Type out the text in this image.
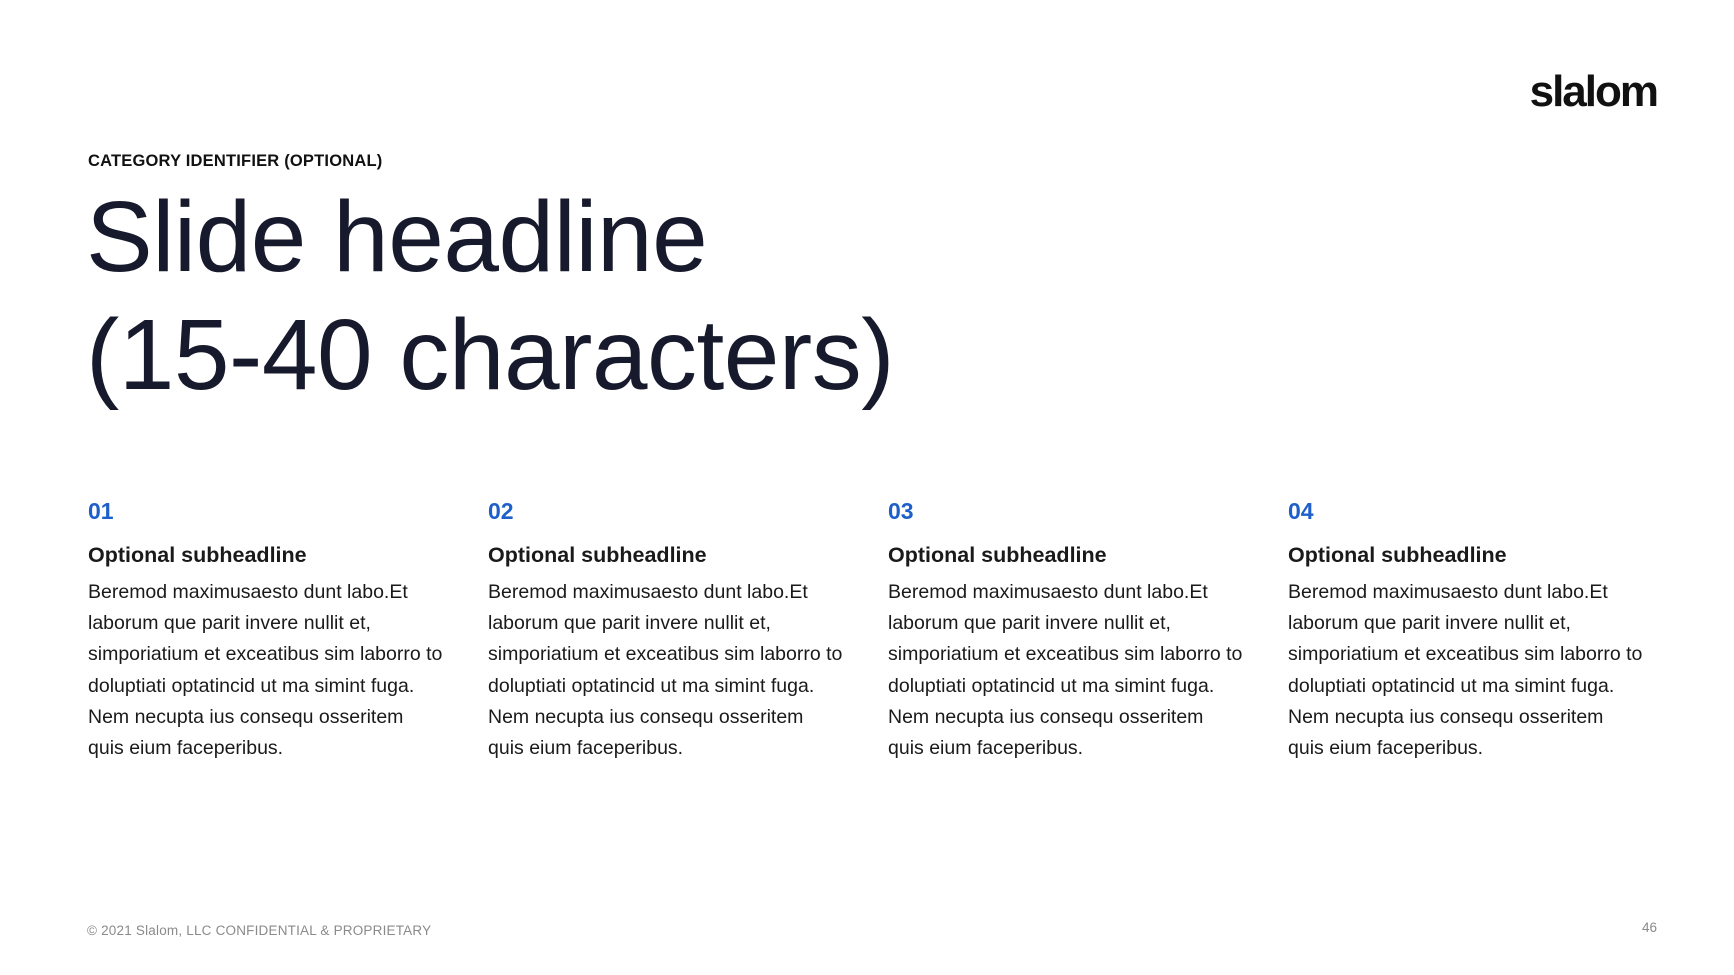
slalom
CATEGORY IDENTIFIER (OPTIONAL)
Slide headline
(15-40 characters)
01
Optional subheadline
Beremod maximusaesto dunt labo.Et
laborum que parit invere nullit et,
simporiatium et exceatibus sim laborro to
doluptiati optatincid ut ma simint fuga.
Nem necupta ius consequ osseritem
quis eium faceperibus.
02
Optional subheadline
Beremod maximusaesto dunt labo.Et
laborum que parit invere nullit et,
simporiatium et exceatibus sim laborro to
doluptiati optatincid ut ma simint fuga.
Nem necupta ius consequ osseritem
quis eium faceperibus.
03
Optional subheadline
Beremod maximusaesto dunt labo.Et
laborum que parit invere nullit et,
simporiatium et exceatibus sim laborro to
doluptiati optatincid ut ma simint fuga.
Nem necupta ius consequ osseritem
quis eium faceperibus.
04
Optional subheadline
Beremod maximusaesto dunt labo.Et
laborum que parit invere nullit et,
simporiatium et exceatibus sim laborro to
doluptiati optatincid ut ma simint fuga.
Nem necupta ius consequ osseritem
quis eium faceperibus.
© 2021 Slalom, LLC CONFIDENTIAL & PROPRIETARY	46
